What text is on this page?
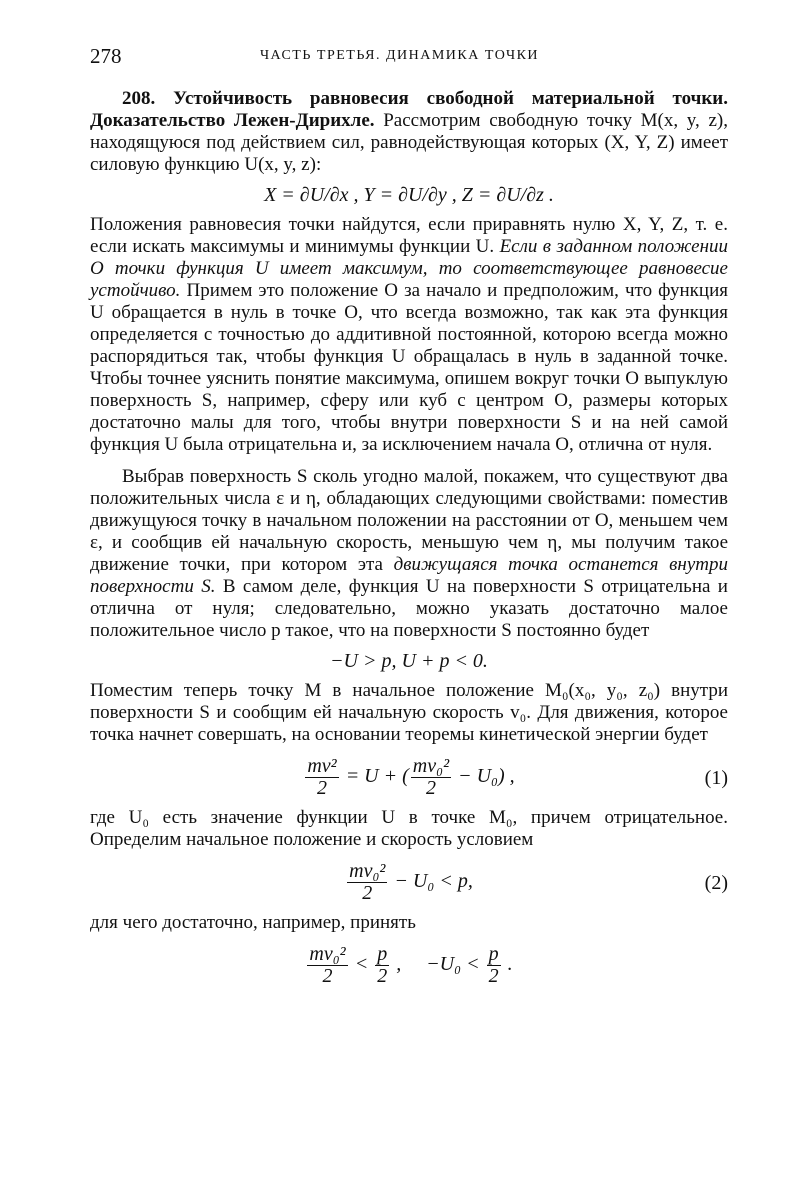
278	ЧАСТЬ ТРЕТЬЯ. ДИНАМИКА ТОЧКИ

208. Устойчивость равновесия свободной материальной точки. Доказательство Лежен-Дирихле. Рассмотрим свободную точку M(x, y, z), находящуюся под действием сил, равнодействующая которых (X, Y, Z) имеет силовую функцию U(x, y, z):

X = ∂U/∂x , Y = ∂U/∂y , Z = ∂U/∂z .

Положения равновесия точки найдутся, если приравнять нулю X, Y, Z, т. е. если искать максимумы и минимумы функции U. Если в заданном положении O точки функция U имеет максимум, то соответствующее равновесие устойчиво. Примем это положение O за начало и предположим, что функция U обращается в нуль в точке O, что всегда возможно, так как эта функция определяется с точностью до аддитивной постоянной, которою всегда можно распорядиться так, чтобы функция U обращалась в нуль в заданной точке. Чтобы точнее уяснить понятие максимума, опишем вокруг точки O выпуклую поверхность S, например, сферу или куб с центром O, размеры которых достаточно малы для того, чтобы внутри поверхности S и на ней самой функция U была отрицательна и, за исключением начала O, отлична от нуля.

Выбрав поверхность S сколь угодно малой, покажем, что существуют два положительных числа ε и η, обладающих следующими свойствами: поместив движущуюся точку в начальном положении на расстоянии от O, меньшем чем ε, и сообщив ей начальную скорость, меньшую чем η, мы получим такое движение точки, при котором эта движущаяся точка останется внутри поверхности S. В самом деле, функция U на поверхности S отрицательна и отлична от нуля; следовательно, можно указать достаточно малое положительное число p такое, что на поверхности S постоянно будет

−U > p, U + p < 0.

Поместим теперь точку M в начальное положение M₀(x₀, y₀, z₀) внутри поверхности S и сообщим ей начальную скорость v₀. Для движения, которое точка начнет совершать, на основании теоремы кинетической энергии будет

$\frac{\text{mv²}}{2} = U$ + ( $\frac{\text{mv₀²}}{2} - U_0$) ,	(1)

где U₀ есть значение функции U в точке M₀, причем отрицательное. Определим начальное положение и скорость условием

$\frac{\text{mv₀²}}{2} - U_0 < p$,	(2)

для чего достаточно, например, принять

$\frac{\text{mv₀²}}{2} < \frac{p}{2}$ ,     $-U_0 < \frac{p}{2}$ .
